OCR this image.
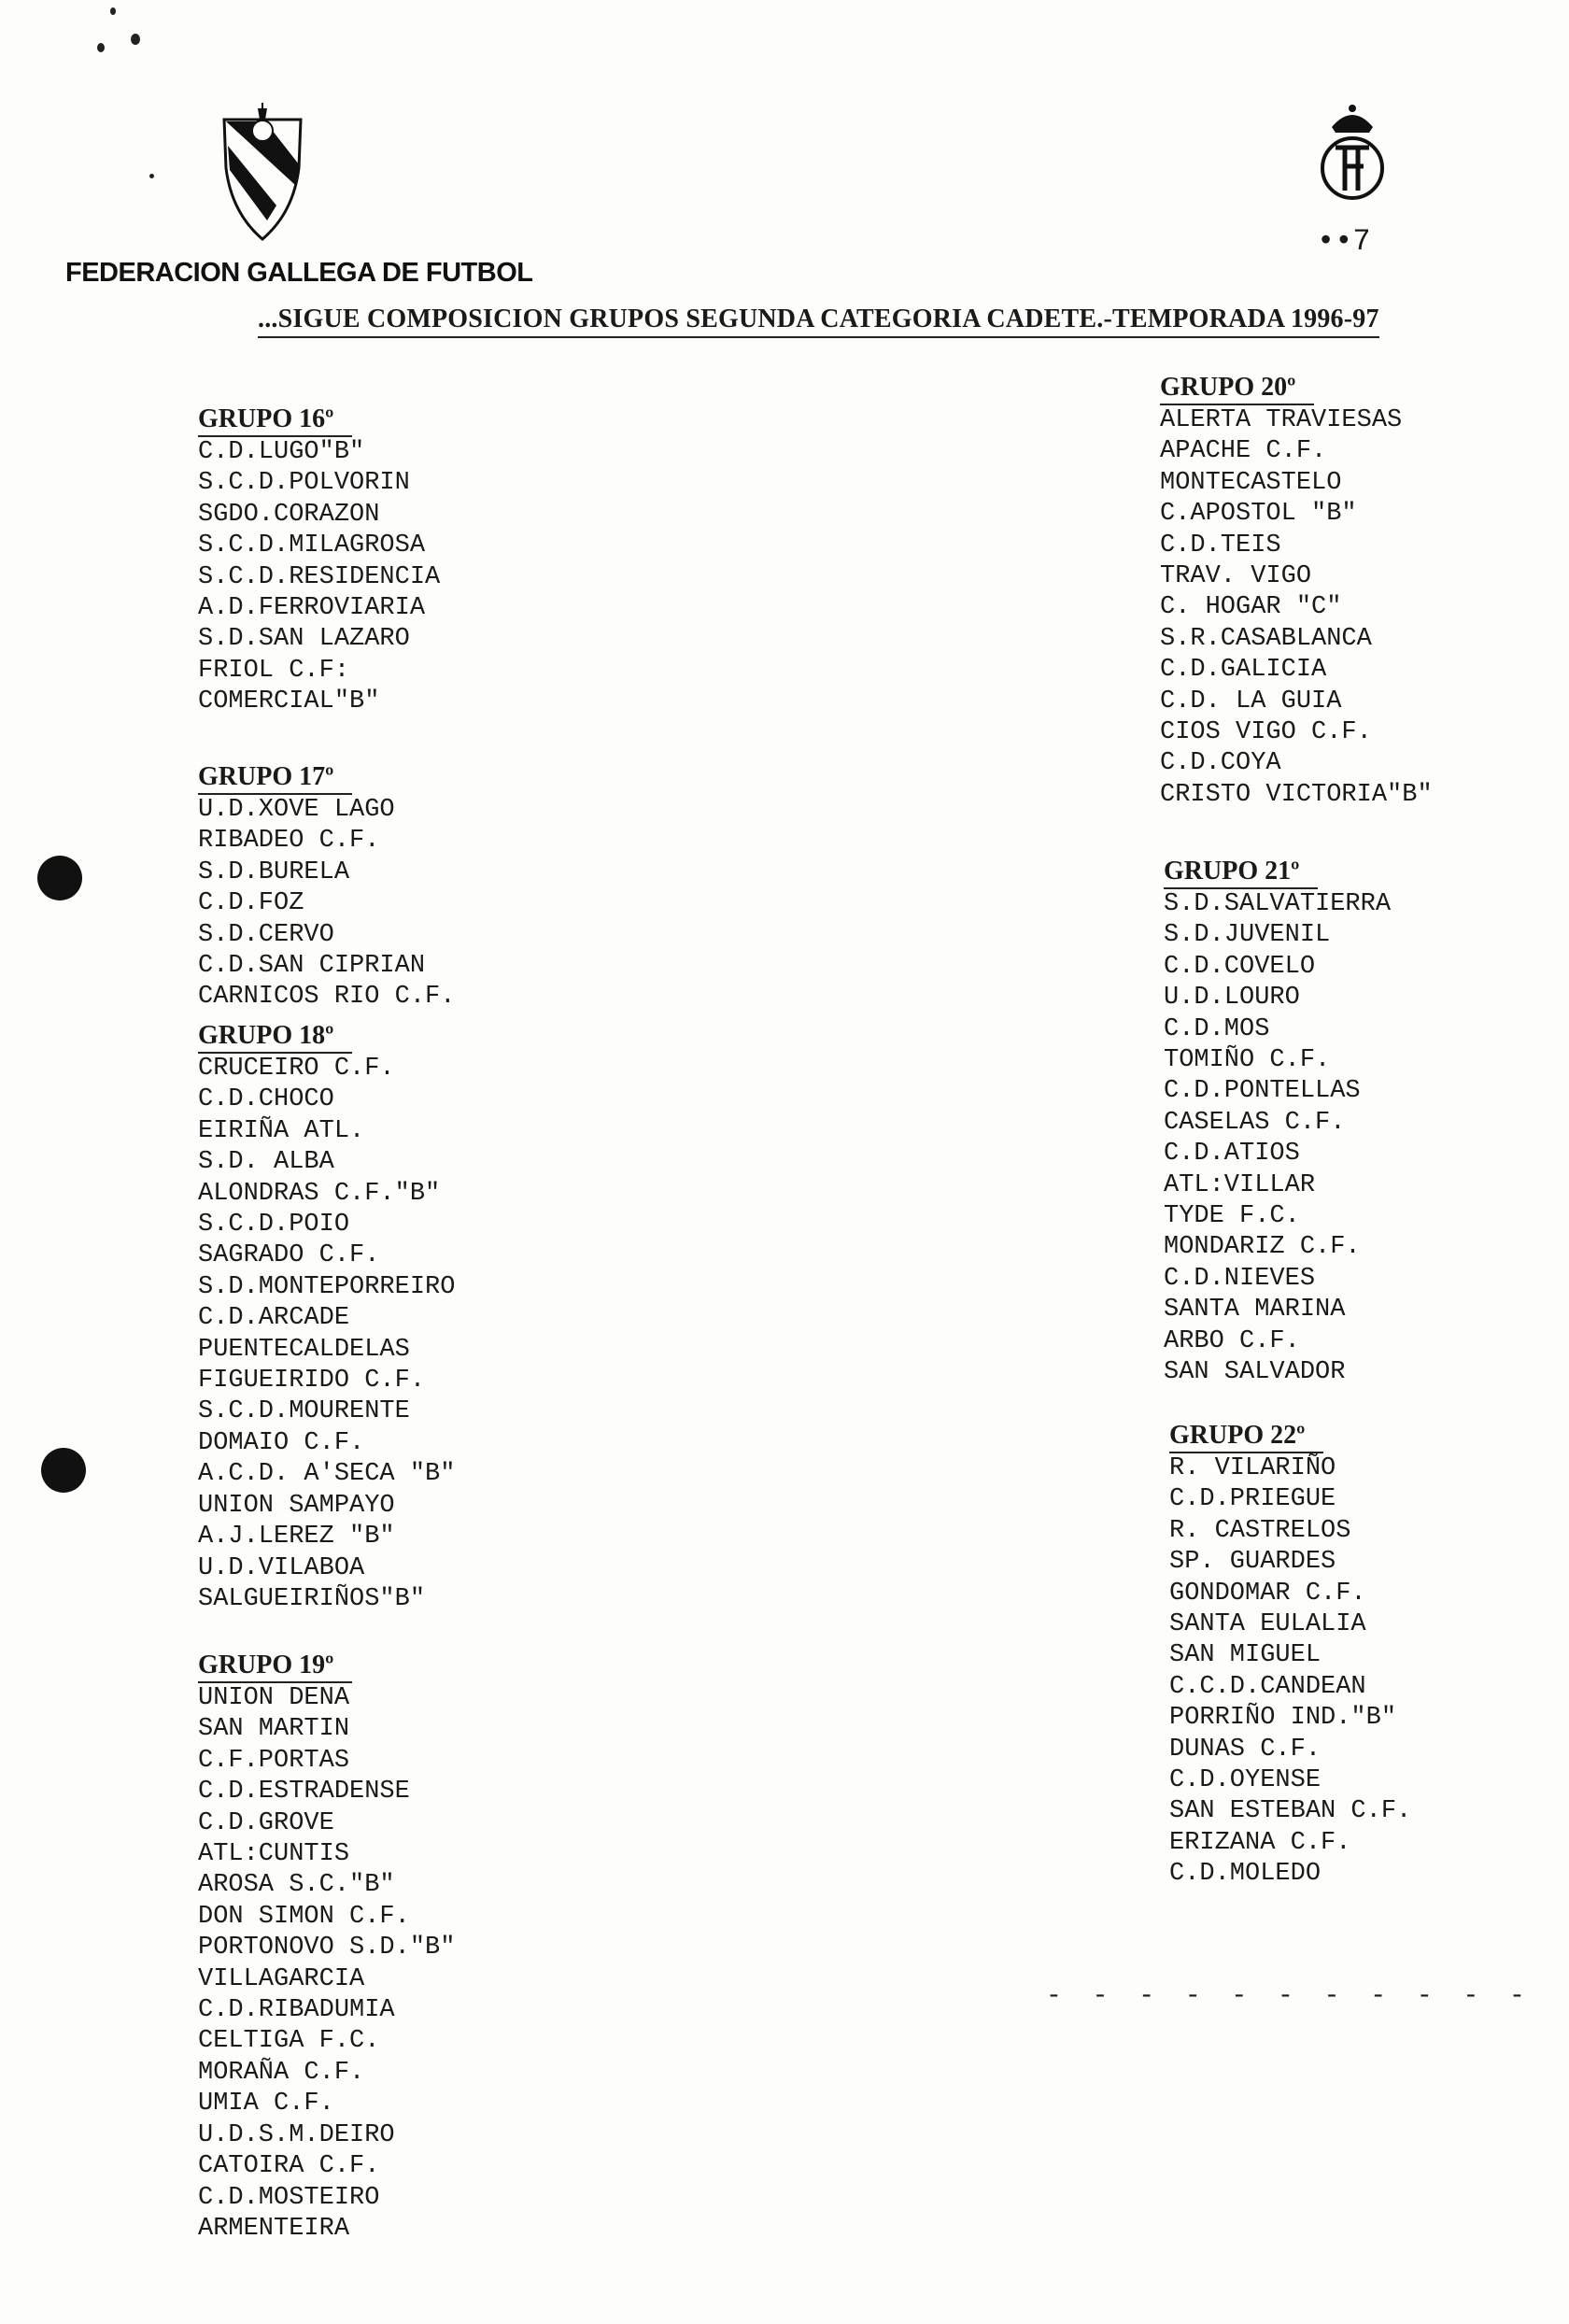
FEDERACION GALLEGA DE FUTBOL
••7
...SIGUE COMPOSICION GRUPOS SEGUNDA CATEGORIA CADETE.-TEMPORADA 1996-97
GRUPO 16º
C.D.LUGO"B"
S.C.D.POLVORIN
SGDO.CORAZON
S.C.D.MILAGROSA
S.C.D.RESIDENCIA
A.D.FERROVIARIA
S.D.SAN LAZARO
FRIOL C.F:
COMERCIAL"B"
GRUPO 17º
U.D.XOVE LAGO
RIBADEO C.F.
S.D.BURELA
C.D.FOZ
S.D.CERVO
C.D.SAN CIPRIAN
CARNICOS RIO C.F.
GRUPO 18º
CRUCEIRO C.F.
C.D.CHOCO
EIRIÑA ATL.
S.D. ALBA
ALONDRAS C.F."B"
S.C.D.POIO
SAGRADO C.F.
S.D.MONTEPORREIRO
C.D.ARCADE
PUENTECALDELAS
FIGUEIRIDO C.F.
S.C.D.MOURENTE
DOMAIO C.F.
A.C.D. A'SECA "B"
UNION SAMPAYO
A.J.LEREZ "B"
U.D.VILABOA
SALGUEIRIÑOS"B"
GRUPO 19º
UNION DENA
SAN MARTIN
C.F.PORTAS
C.D.ESTRADENSE
C.D.GROVE
ATL:CUNTIS
AROSA S.C."B"
DON SIMON C.F.
PORTONOVO S.D."B"
VILLAGARCIA
C.D.RIBADUMIA
CELTIGA F.C.
MORAÑA C.F.
UMIA C.F.
U.D.S.M.DEIRO
CATOIRA C.F.
C.D.MOSTEIRO
ARMENTEIRA
GRUPO 20º
ALERTA TRAVIESAS
APACHE C.F.
MONTECASTELO
C.APOSTOL "B"
C.D.TEIS
TRAV. VIGO
C. HOGAR "C"
S.R.CASABLANCA
C.D.GALICIA
C.D. LA GUIA
CIOS VIGO C.F.
C.D.COYA
CRISTO VICTORIA"B"
GRUPO 21º
S.D.SALVATIERRA
S.D.JUVENIL
C.D.COVELO
U.D.LOURO
C.D.MOS
TOMIÑO C.F.
C.D.PONTELLAS
CASELAS C.F.
C.D.ATIOS
ATL:VILLAR
TYDE F.C.
MONDARIZ C.F.
C.D.NIEVES
SANTA MARINA
ARBO C.F.
SAN SALVADOR
GRUPO 22º
R. VILARIÑO
C.D.PRIEGUE
R. CASTRELOS
SP. GUARDES
GONDOMAR C.F.
SANTA EULALIA
SAN MIGUEL
C.C.D.CANDEAN
PORRIÑO IND."B"
DUNAS C.F.
C.D.OYENSE
SAN ESTEBAN C.F.
ERIZANA C.F.
C.D.MOLEDO
- - - - - - - - - - -
